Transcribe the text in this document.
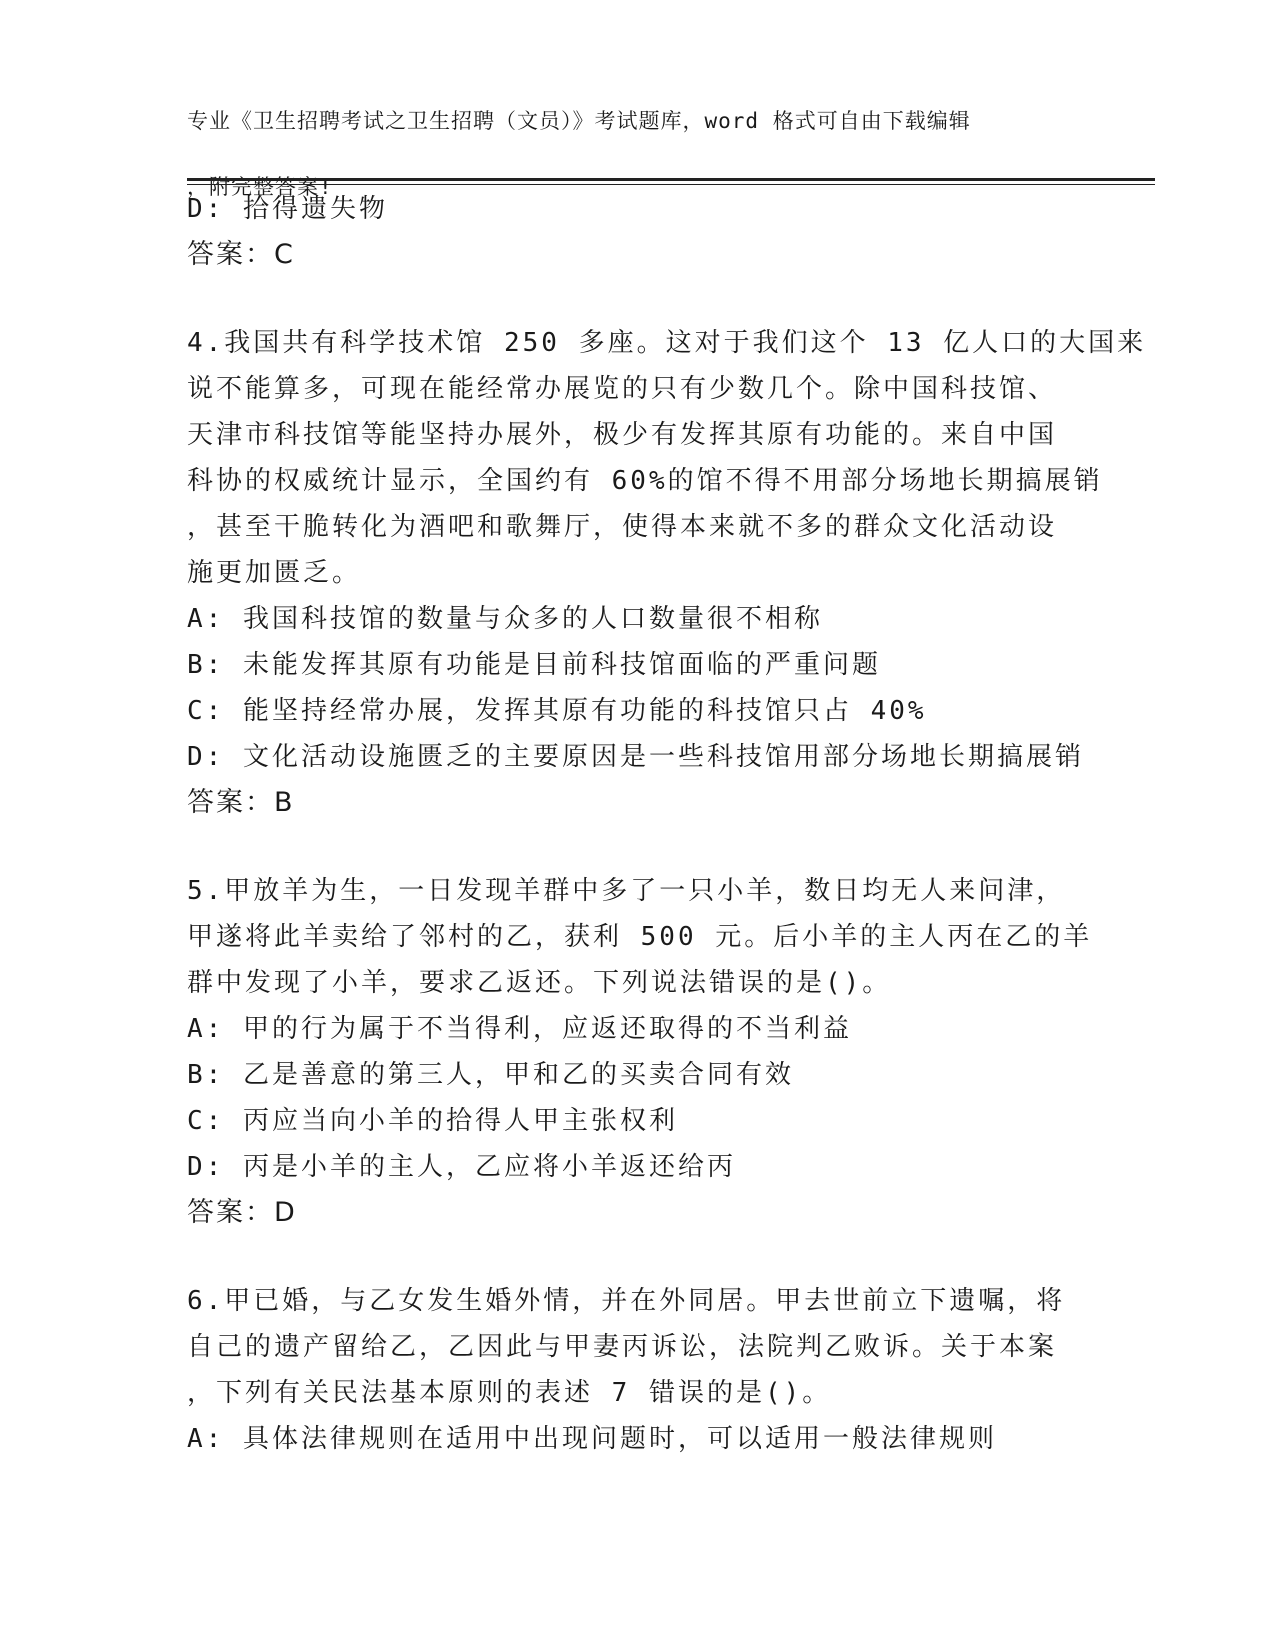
专业《卫生招聘考试之卫生招聘（文员）》考试题库，word 格式可自由下载编辑

，附完整答案!

D: 拾得遗失物
答案：C
4.我国共有科学技术馆 250 多座。这对于我们这个 13 亿人口的大国来
说不能算多，可现在能经常办展览的只有少数几个。除中国科技馆、
天津市科技馆等能坚持办展外，极少有发挥其原有功能的。来自中国
科协的权威统计显示，全国约有 60%的馆不得不用部分场地长期搞展销
，甚至干脆转化为酒吧和歌舞厅，使得本来就不多的群众文化活动设
施更加匮乏。
A: 我国科技馆的数量与众多的人口数量很不相称
B: 未能发挥其原有功能是目前科技馆面临的严重问题
C: 能坚持经常办展，发挥其原有功能的科技馆只占 40%
D: 文化活动设施匮乏的主要原因是一些科技馆用部分场地长期搞展销
答案：B
5.甲放羊为生，一日发现羊群中多了一只小羊，数日均无人来问津，
甲遂将此羊卖给了邻村的乙，获利 500 元。后小羊的主人丙在乙的羊
群中发现了小羊，要求乙返还。下列说法错误的是()。
A: 甲的行为属于不当得利，应返还取得的不当利益
B: 乙是善意的第三人，甲和乙的买卖合同有效
C: 丙应当向小羊的拾得人甲主张权利
D: 丙是小羊的主人，乙应将小羊返还给丙
答案：D
6.甲已婚，与乙女发生婚外情，并在外同居。甲去世前立下遗嘱，将
自己的遗产留给乙，乙因此与甲妻丙诉讼，法院判乙败诉。关于本案
，下列有关民法基本原则的表述 7 错误的是()。
A: 具体法律规则在适用中出现问题时，可以适用一般法律规则
